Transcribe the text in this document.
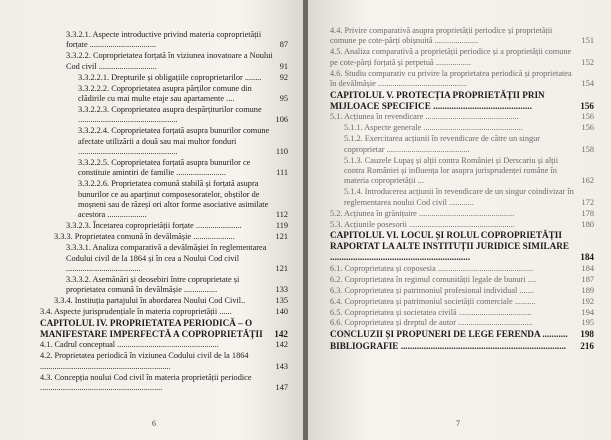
3.3.2.1. Aspecte introductive privind materia coproprietății forțate ................................	87
3.3.2.2. Coproprietatea forțată în viziunea inovatoare a Noului Cod civil ............................	91
3.3.2.2.1. Drepturile și obligațiile coproprietarilor ........	92
3.3.2.2.2. Coproprietatea asupra părților comune din clădirile cu mai multe etaje sau apartamente ....	95
3.3.2.2.3. Coproprietatea asupra despărțiturilor comune ................................................	106
3.3.2.2.4. Coproprietatea forțată asupra bunurilor comune afectate utilizării a două sau mai multor fonduri ................................................	110
3.3.2.2.5. Coproprietatea forțată asupra bunurilor ce constituie amintiri de familie ........................	111
3.3.2.2.6. Proprietatea comună stabilă și forțată asupra bunurilor ce au aparținut composesoratelor, obștilor de moșneni sau de răzeși ori altor forme asociative asimilate acestora ...................	112
3.3.2.3. Încetarea coproprietății forțate ......................	119
3.3.3. Proprietatea comună în devălmășie ....................	121
3.3.3.1. Analiza comparativă a devălmășiei în reglementarea Codului civil de la 1864 și în cea a Noului Cod civil ....................................	121
3.3.3.2. Asemănări și deosebiri între coproprietate și proprietatea comună în devălmășie ................	133
3.3.4. Instituția partajului în abordarea Noului Cod Civil..	135
3.4. Aspecte jurisprudențiale în materia coproprietății ......	140
CAPITOLUL IV. PROPRIETATEA PERIODICĂ – O MANIFESTARE IMPERFECTĂ A COPROPRIETĂȚII	142
4.1. Cadrul conceptual .................................................	142
4.2. Proprietatea periodică în viziunea Codului civil de la 1864 ...............................................................	143
4.3. Concepția noului Cod civil în materia proprietății periodice ...........................................................	147
6
4.4. Privire comparativă asupra proprietății periodice și proprietății comune pe cote-părți obișnuită .....................	151
4.5. Analiza comparativă a proprietății periodice și a proprietății comune pe cote-părți forțată și perpetuă .................	152
4.6. Studiu comparativ cu privire la proprietatea periodică și proprietatea în devălmășie ...........................................	154
CAPITOLUL V. PROTECȚIA PROPRIETĂȚII PRIN MIJLOACE SPECIFICE ...........................................	156
5.1. Acțiunea în revendicare .............................................	156
5.1.1. Aspecte generale ................................................	156
5.1.2. Exercitarea acțiunii în revendicare de către un singur coproprietar ........................................	158
5.1.3. Cauzele Lupaș și alții contra României și Derscariu și alții contra României și influența lor asupra jurisprudenței române în materia coproprietății ...	162
5.1.4. Introducerea acțiunii în revendicare de un singur coindivizar în reglementarea noului Cod civil ............	172
5.2. Acțiunea în grănițuire ..............................................	178
5.3. Acțiunile posesorii ...................................................	180
CAPITOLUL VI. LOCUL ȘI ROLUL COPROPRIETĂȚII RAPORTAT LA ALTE INSTITUȚII JURIDICE SIMILARE .............................................................	184
6.1. Coproprietatea și coposesia ..............................................	184
6.2. Coproprietatea în regimul comunității legale de bunuri ....	187
6.3. Coproprietatea și patrimoniul profesional individual .......	189
6.4. Coproprietatea și patrimoniul societății comerciale ..........	192
6.5. Coproprietatea și societatea civilă ...................................	194
6.6. Coproprietatea și dreptul de autor ....................................	195
CONCLUZII ȘI PROPUNERI DE LEGE FERENDA ...........	198
BIBLIOGRAFIE ........................................................................	216
7
